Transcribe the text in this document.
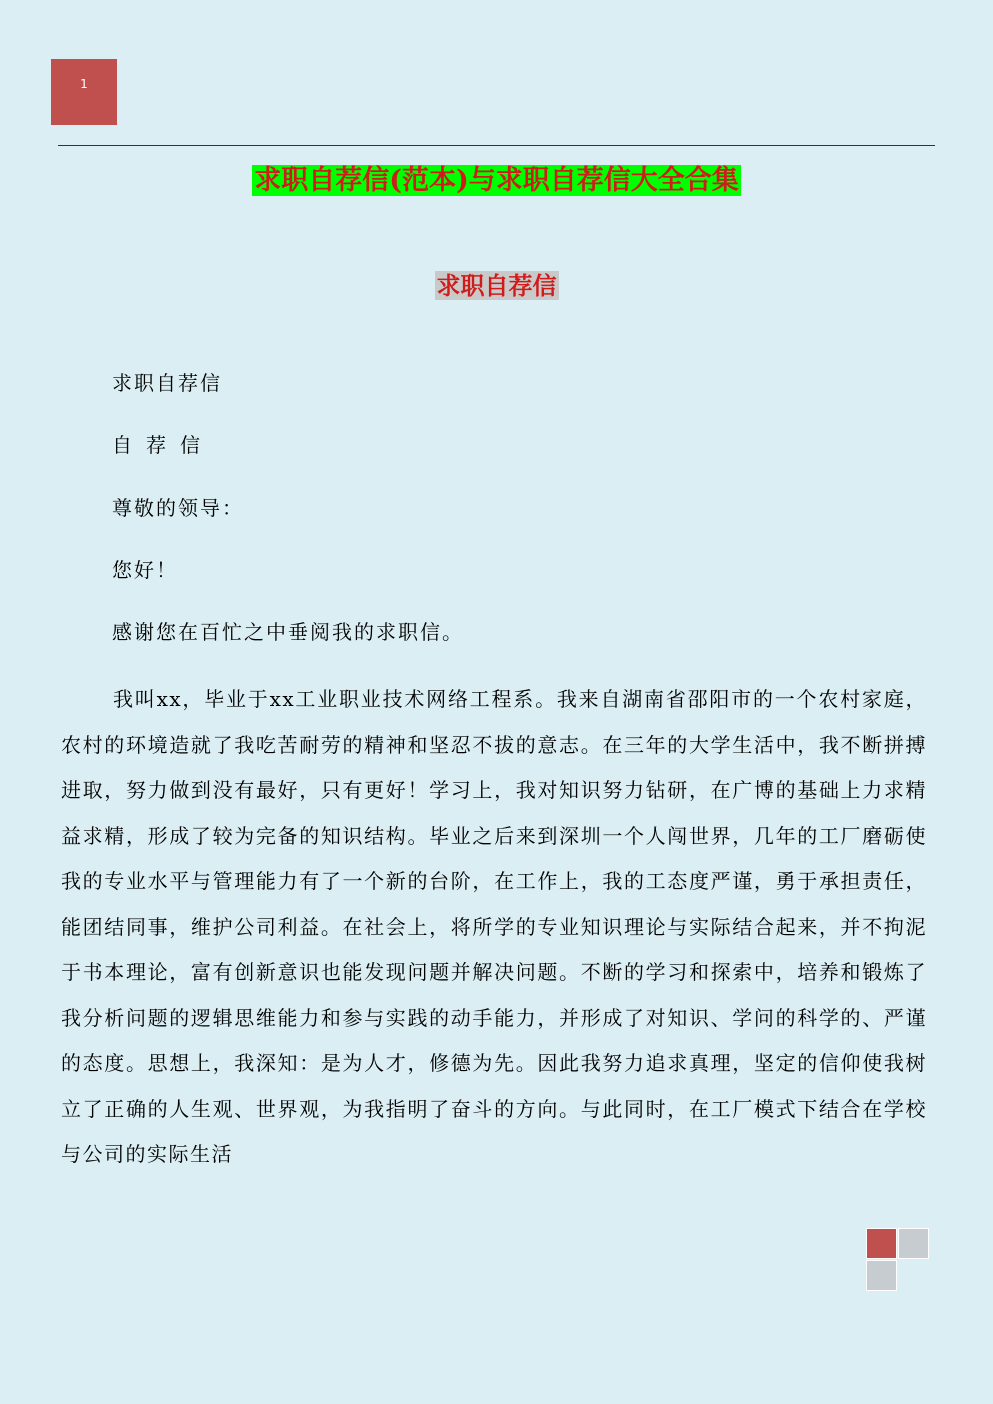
1
求职自荐信(范本)与求职自荐信大全合集
求职自荐信
求职自荐信
自荐信
尊敬的领导：
您好！
感谢您在百忙之中垂阅我的求职信。

我叫xx，毕业于xx工业职业技术网络工程系。我来自湖南省邵阳市的一个农村家庭，农村的环境造就了我吃苦耐劳的精神和坚忍不拔的意志。在三年的大学生活中，我不断拼搏进取，努力做到没有最好，只有更好！学习上，我对知识努力钻研，在广博的基础上力求精益求精，形成了较为完备的知识结构。毕业之后来到深圳一个人闯世界，几年的工厂磨砺使我的专业水平与管理能力有了一个新的台阶，在工作上，我的工态度严谨，勇于承担责任，能团结同事，维护公司利益。在社会上，将所学的专业知识理论与实际结合起来，并不拘泥于书本理论，富有创新意识也能发现问题并解决问题。不断的学习和探索中，培养和锻炼了我分析问题的逻辑思维能力和参与实践的动手能力，并形成了对知识、学问的科学的、严谨的态度。思想上，我深知：是为人才，修德为先。因此我努力追求真理，坚定的信仰使我树立了正确的人生观、世界观，为我指明了奋斗的方向。与此同时，在工厂模式下结合在学校与公司的实际生活
